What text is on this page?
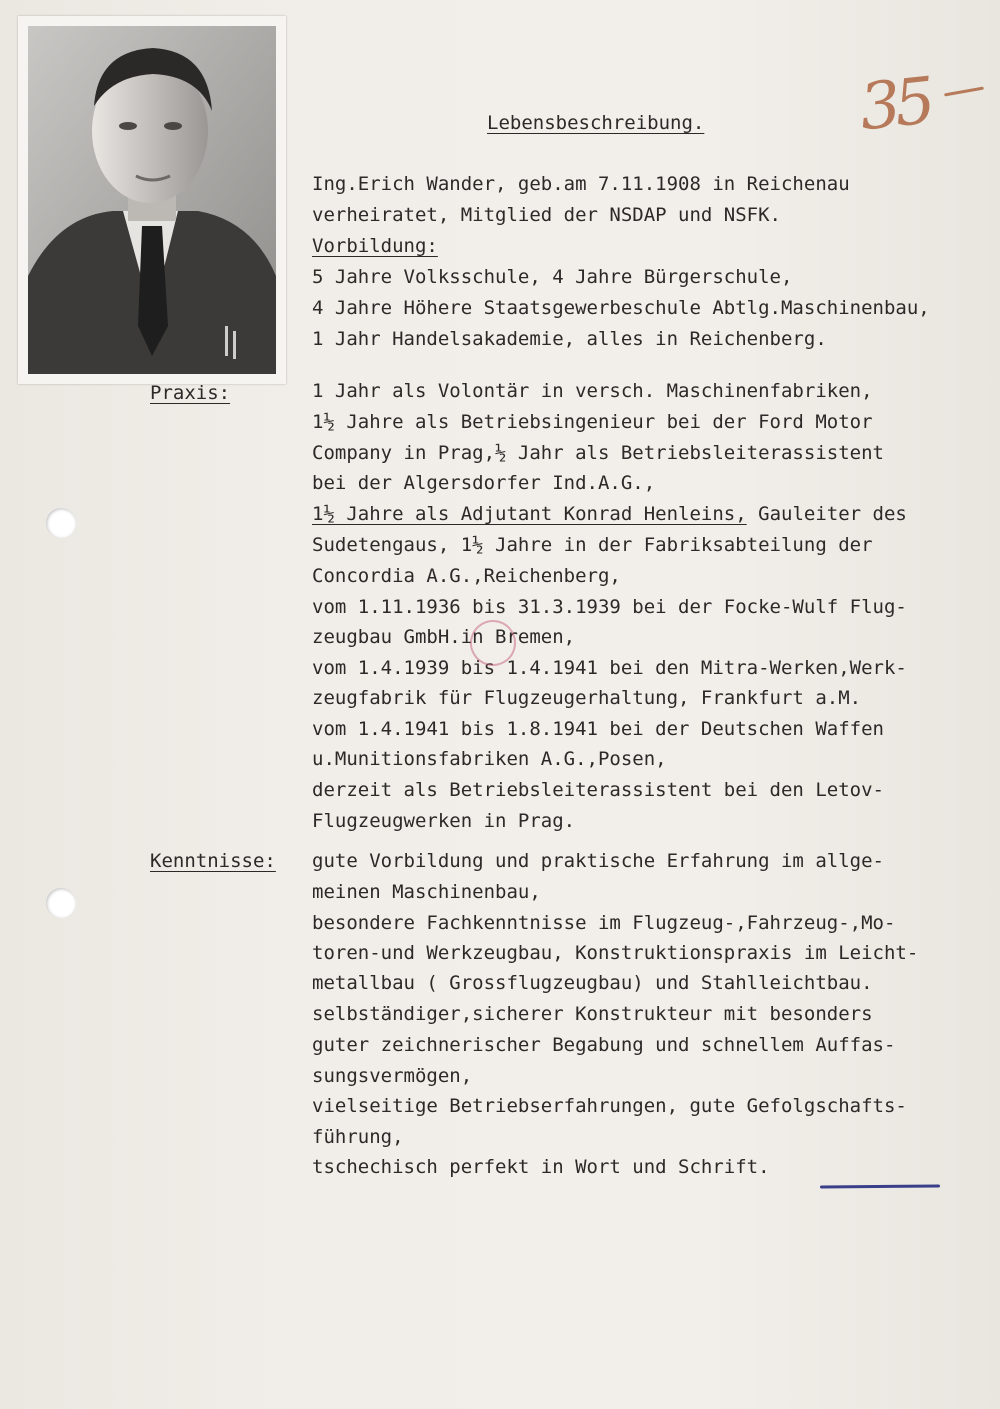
35
Lebensbeschreibung.
Praxis:
Kenntnisse:
Ing.Erich Wander, geb.am 7.11.1908 in Reichenau
verheiratet, Mitglied der NSDAP und NSFK.
Vorbildung:
5 Jahre Volksschule, 4 Jahre Bürgerschule,
4 Jahre Höhere Staatsgewerbeschule Abtlg.Maschinenbau,
1 Jahr Handelsakademie, alles in Reichenberg.
1 Jahr als Volontär in versch. Maschinenfabriken,
1½ Jahre als Betriebsingenieur bei der Ford Motor
Company in Prag,½ Jahr als Betriebsleiterassistent
bei der Algersdorfer Ind.A.G.,
1½ Jahre als Adjutant Konrad Henleins, Gauleiter des
Sudetengaus, 1½ Jahre in der Fabriksabteilung der
Concordia A.G.,Reichenberg,
vom 1.11.1936 bis 31.3.1939 bei der Focke-Wulf Flug-
zeugbau GmbH.in Bremen,
vom 1.4.1939 bis 1.4.1941 bei den Mitra-Werken,Werk-
zeugfabrik für Flugzeugerhaltung, Frankfurt a.M.
vom 1.4.1941 bis 1.8.1941 bei der Deutschen Waffen
u.Munitionsfabriken A.G.,Posen,
derzeit als Betriebsleiterassistent bei den Letov-
Flugzeugwerken in Prag.
gute Vorbildung und praktische Erfahrung im allge-
meinen Maschinenbau,
besondere Fachkenntnisse im Flugzeug-,Fahrzeug-,Mo-
toren-und Werkzeugbau, Konstruktionspraxis im Leicht-
metallbau ( Grossflugzeugbau) und Stahlleichtbau.
selbständiger,sicherer Konstrukteur mit besonders
guter zeichnerischer Begabung und schnellem Auffas-
sungsvermögen,
vielseitige Betriebserfahrungen, gute Gefolgschafts-
führung,
tschechisch perfekt in Wort und Schrift.
